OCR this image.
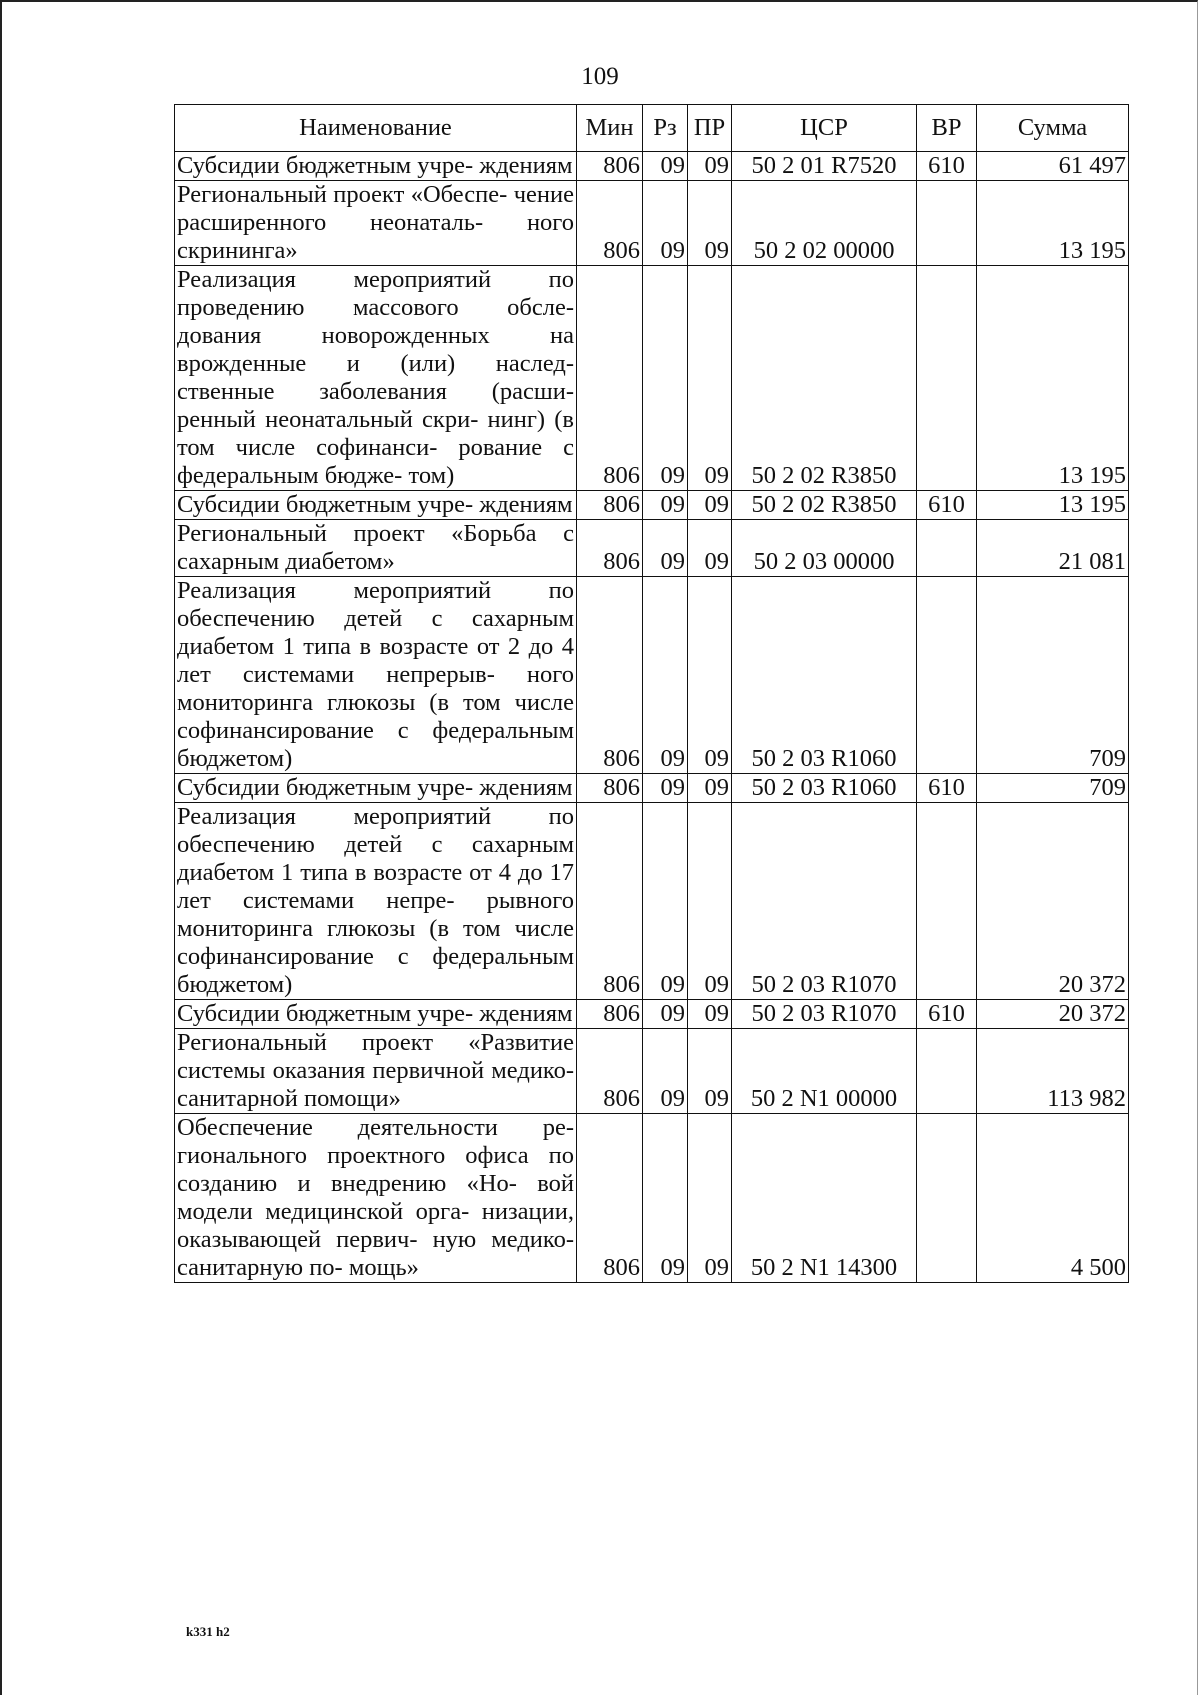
109
Наименование	Мин	Рз	ПР	ЦСР	ВР	Сумма
Субсидии бюджетным учре- ждениям	806	09	09	50 2 01 R7520	610	61 497
Региональный проект «Обеспе- чение расширенного неонаталь- ного скрининга»	806	09	09	50 2 02 00000		13 195
Реализация мероприятий по проведению массового обсле- дования новорожденных на врожденные и (или) наслед- ственные заболевания (расши- ренный неонатальный скри- нинг) (в том числе софинанси- рование с федеральным бюдже- том)	806	09	09	50 2 02 R3850		13 195
Субсидии бюджетным учре- ждениям	806	09	09	50 2 02 R3850	610	13 195
Региональный проект «Борьба с сахарным диабетом»	806	09	09	50 2 03 00000		21 081
Реализация мероприятий по обеспечению детей с сахарным диабетом 1 типа в возрасте от 2 до 4 лет системами непрерыв- ного мониторинга глюкозы (в том числе софинансирование с федеральным бюджетом)	806	09	09	50 2 03 R1060		709
Субсидии бюджетным учре- ждениям	806	09	09	50 2 03 R1060	610	709
Реализация мероприятий по обеспечению детей с сахарным диабетом 1 типа в возрасте от 4 до 17 лет системами непре- рывного мониторинга глюкозы (в том числе софинансирование с федеральным бюджетом)	806	09	09	50 2 03 R1070		20 372
Субсидии бюджетным учре- ждениям	806	09	09	50 2 03 R1070	610	20 372
Региональный проект «Развитие системы оказания первичной медико-санитарной помощи»	806	09	09	50 2 N1 00000		113 982
Обеспечение деятельности ре- гионального проектного офиса по созданию и внедрению «Но- вой модели медицинской орга- низации, оказывающей первич- ную медико-санитарную по- мощь»	806	09	09	50 2 N1 14300		4 500
k331 h2
